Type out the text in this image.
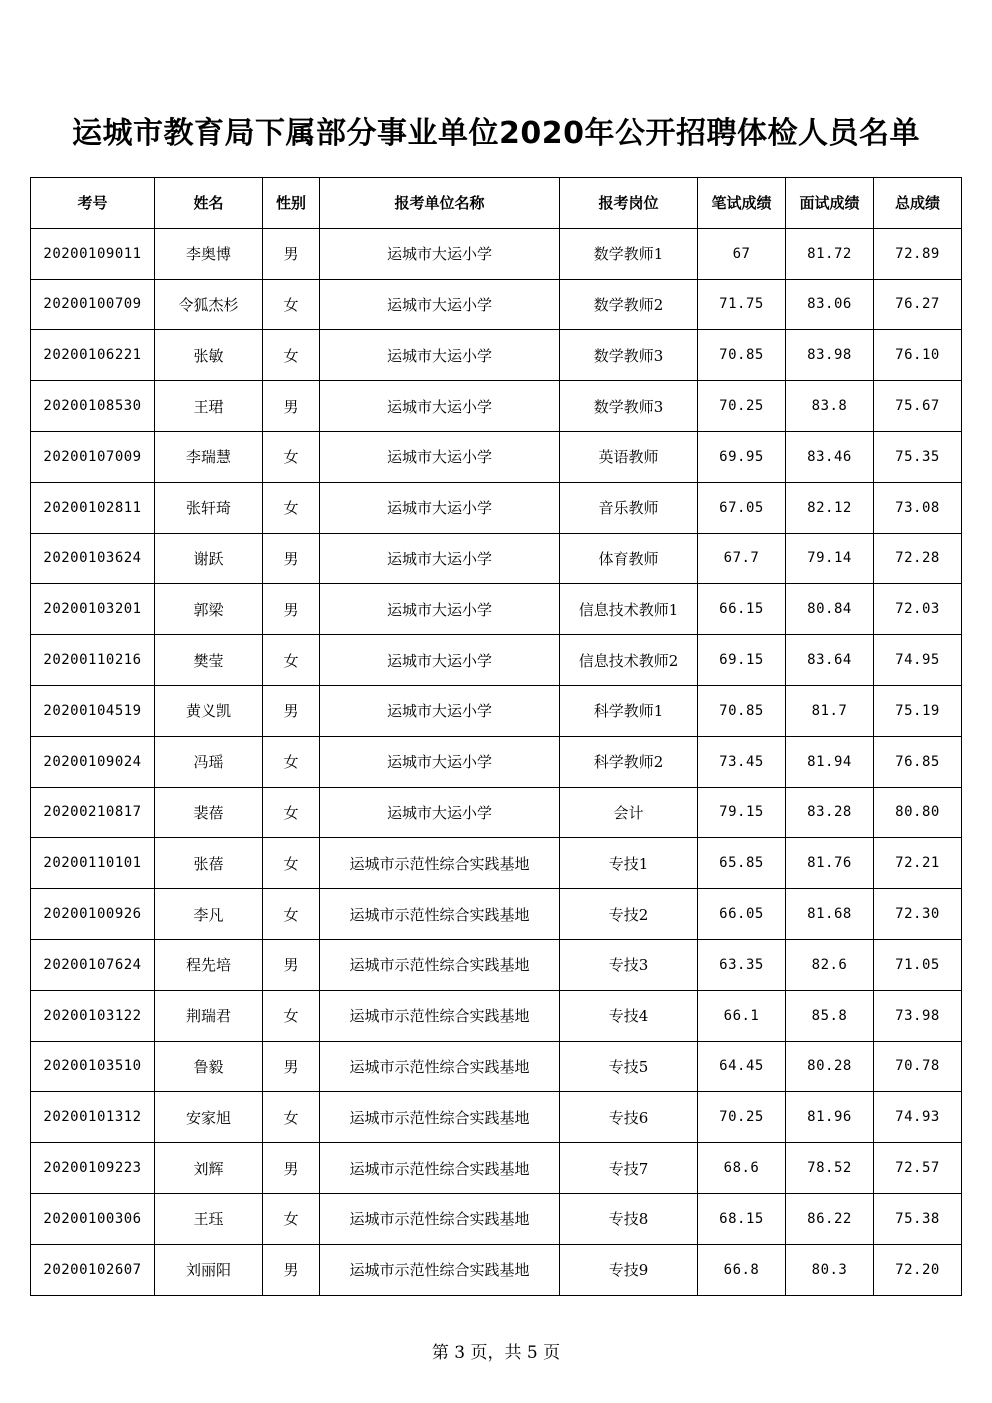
运城市教育局下属部分事业单位2020年公开招聘体检人员名单
考号	姓名	性别	报考单位名称	报考岗位	笔试成绩	面试成绩	总成绩
20200109011	李奥博	男	运城市大运小学	数学教师1	67	81.72	72.89
20200100709	令狐杰杉	女	运城市大运小学	数学教师2	71.75	83.06	76.27
20200106221	张敏	女	运城市大运小学	数学教师3	70.85	83.98	76.10
20200108530	王珺	男	运城市大运小学	数学教师3	70.25	83.8	75.67
20200107009	李瑞慧	女	运城市大运小学	英语教师	69.95	83.46	75.35
20200102811	张轩琦	女	运城市大运小学	音乐教师	67.05	82.12	73.08
20200103624	谢跃	男	运城市大运小学	体育教师	67.7	79.14	72.28
20200103201	郭梁	男	运城市大运小学	信息技术教师1	66.15	80.84	72.03
20200110216	樊莹	女	运城市大运小学	信息技术教师2	69.15	83.64	74.95
20200104519	黄义凯	男	运城市大运小学	科学教师1	70.85	81.7	75.19
20200109024	冯瑶	女	运城市大运小学	科学教师2	73.45	81.94	76.85
20200210817	裴蓓	女	运城市大运小学	会计	79.15	83.28	80.80
20200110101	张蓓	女	运城市示范性综合实践基地	专技1	65.85	81.76	72.21
20200100926	李凡	女	运城市示范性综合实践基地	专技2	66.05	81.68	72.30
20200107624	程先培	男	运城市示范性综合实践基地	专技3	63.35	82.6	71.05
20200103122	荆瑞君	女	运城市示范性综合实践基地	专技4	66.1	85.8	73.98
20200103510	鲁毅	男	运城市示范性综合实践基地	专技5	64.45	80.28	70.78
20200101312	安家旭	女	运城市示范性综合实践基地	专技6	70.25	81.96	74.93
20200109223	刘辉	男	运城市示范性综合实践基地	专技7	68.6	78.52	72.57
20200100306	王珏	女	运城市示范性综合实践基地	专技8	68.15	86.22	75.38
20200102607	刘丽阳	男	运城市示范性综合实践基地	专技9	66.8	80.3	72.20
第 3 页，共 5 页
